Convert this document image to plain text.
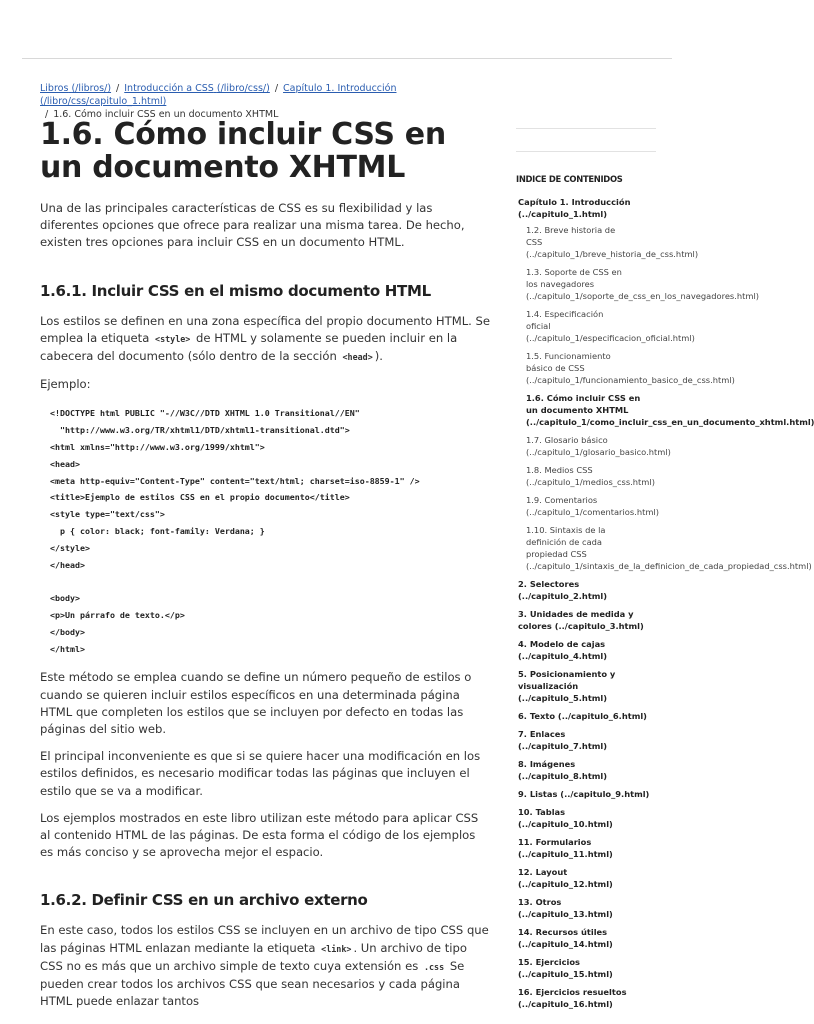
Libros (/libros/) / Introducción a CSS (/libro/css/) / Capítulo 1. Introducción (/libro/css/capitulo_1.html)
/ 1.6. Cómo incluir CSS en un documento XHTML
1.6. Cómo incluir CSS en un documento XHTML

Una de las principales características de CSS es su flexibilidad y las diferentes opciones que ofrece para realizar una misma tarea. De hecho, existen tres opciones para incluir CSS en un documento HTML.

1.6.1. Incluir CSS en el mismo documento HTML

Los estilos se definen en una zona específica del propio documento HTML. Se emplea la etiqueta <style> de HTML y solamente se pueden incluir en la cabecera del documento (sólo dentro de la sección <head> ).

Ejemplo:

<!DOCTYPE html PUBLIC "-//W3C//DTD XHTML 1.0 Transitional//EN"
"http://www.w3.org/TR/xhtml1/DTD/xhtml1-transitional.dtd">
<html xmlns="http://www.w3.org/1999/xhtml">
<head>
<meta http-equiv="Content-Type" content="text/html; charset=iso-8859-1" />
<title>Ejemplo de estilos CSS en el propio documento</title>
<style type="text/css">
p { color: black; font-family: Verdana; }
</style>
</head>

<body>
<p>Un párrafo de texto.</p>
</body>
</html>

Este método se emplea cuando se define un número pequeño de estilos o cuando se quieren incluir estilos específicos en una determinada página HTML que completen los estilos que se incluyen por defecto en todas las páginas del sitio web.

El principal inconveniente es que si se quiere hacer una modificación en los estilos definidos, es necesario modificar todas las páginas que incluyen el estilo que se va a modificar.

Los ejemplos mostrados en este libro utilizan este método para aplicar CSS al contenido HTML de las páginas. De esta forma el código de los ejemplos es más conciso y se aprovecha mejor el espacio.

1.6.2. Definir CSS en un archivo externo

En este caso, todos los estilos CSS se incluyen en un archivo de tipo CSS que las páginas HTML enlazan mediante la etiqueta <link> . Un archivo de tipo CSS no es más que un archivo simple de texto cuya extensión es .css Se pueden crear todos los archivos CSS que sean necesarios y cada página HTML puede enlazar tantos

INDICE DE CONTENIDOS
Capítulo 1. Introducción
(../capitulo_1.html)
1.2. Breve historia de
CSS
(../capitulo_1/breve_historia_de_css.html)
1.3. Soporte de CSS en
los navegadores
(../capitulo_1/soporte_de_css_en_los_navegadores.html)
1.4. Especificación
oficial
(../capitulo_1/especificacion_oficial.html)
1.5. Funcionamiento
básico de CSS
(../capitulo_1/funcionamiento_basico_de_css.html)
1.6. Cómo incluir CSS en
un documento XHTML
(../capitulo_1/como_incluir_css_en_un_documento_xhtml.html)
1.7. Glosario básico
(../capitulo_1/glosario_basico.html)
1.8. Medios CSS
(../capitulo_1/medios_css.html)
1.9. Comentarios
(../capitulo_1/comentarios.html)
1.10. Sintaxis de la
definición de cada
propiedad CSS
(../capitulo_1/sintaxis_de_la_definicion_de_cada_propiedad_css.html)
2. Selectores
(../capitulo_2.html)
3. Unidades de medida y
colores (../capitulo_3.html)
4. Modelo de cajas
(../capitulo_4.html)
5. Posicionamiento y
visualización
(../capitulo_5.html)
6. Texto (../capitulo_6.html)
7. Enlaces
(../capitulo_7.html)
8. Imágenes
(../capitulo_8.html)
9. Listas (../capitulo_9.html)
10. Tablas
(../capitulo_10.html)
11. Formularios
(../capitulo_11.html)
12. Layout
(../capitulo_12.html)
13. Otros
(../capitulo_13.html)
14. Recursos útiles
(../capitulo_14.html)
15. Ejercicios
(../capitulo_15.html)
16. Ejercicios resueltos
(../capitulo_16.html)
